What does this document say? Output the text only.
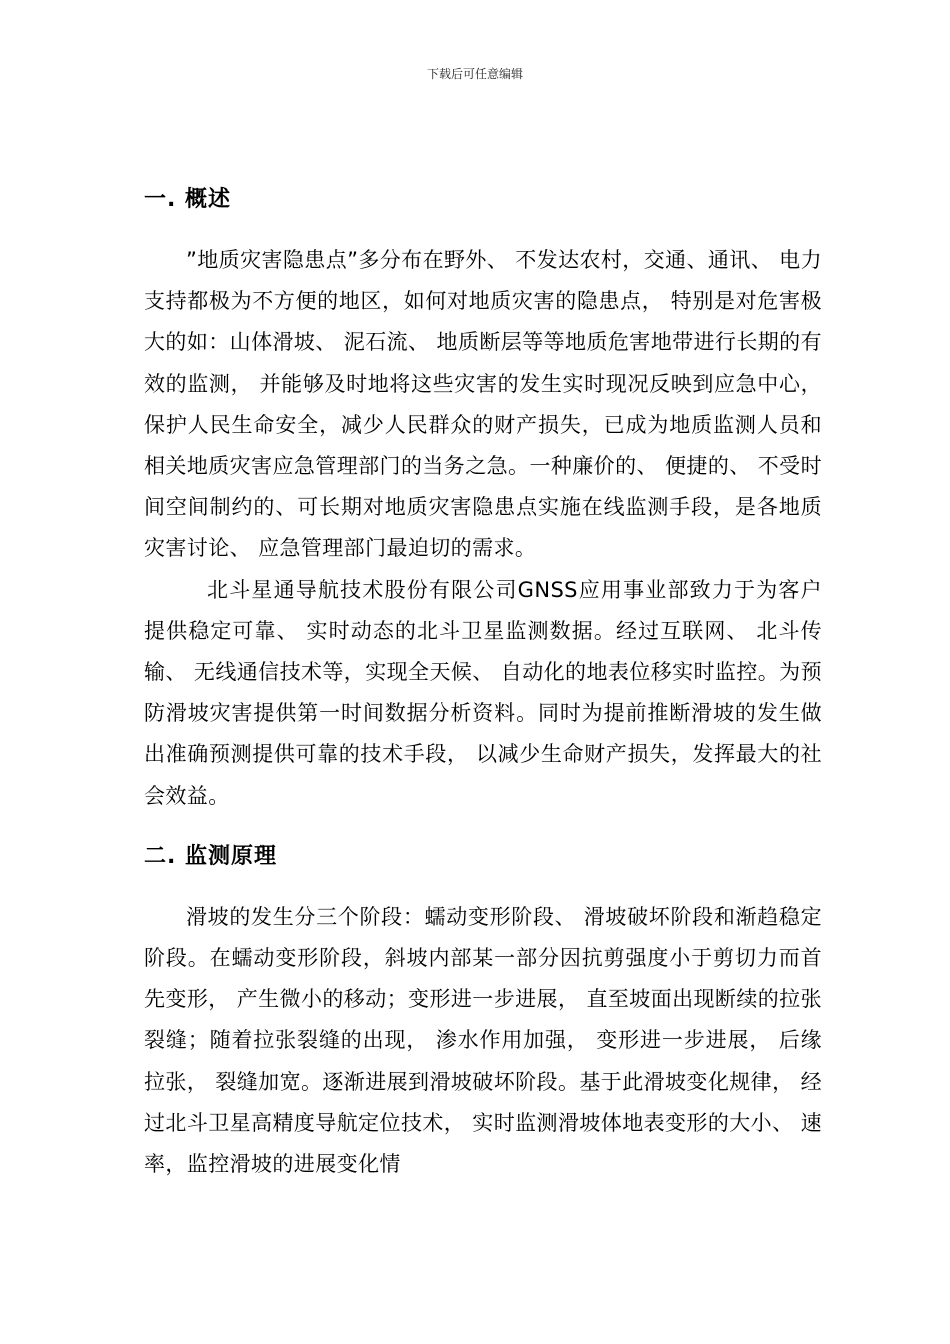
下载后可任意编辑
一. 概述

”地质灾害隐患点”多分布在野外、 不发达农村，交通、通讯、 电力支持都极为不方便的地区，如何对地质灾害的隐患点， 特别是对危害极大的如：山体滑坡、 泥石流、 地质断层等等地质危害地带进行长期的有效的监测， 并能够及时地将这些灾害的发生实时现况反映到应急中心，保护人民生命安全，减少人民群众的财产损失，已成为地质监测人员和相关地质灾害应急管理部门的当务之急。一种廉价的、 便捷的、 不受时间空间制约的、可长期对地质灾害隐患点实施在线监测手段，是各地质灾害讨论、 应急管理部门最迫切的需求。

北斗星通导航技术股份有限公司GNSS应用事业部致力于为客户提供稳定可靠、 实时动态的北斗卫星监测数据。经过互联网、 北斗传输、 无线通信技术等，实现全天候、 自动化的地表位移实时监控。为预防滑坡灾害提供第一时间数据分析资料。同时为提前推断滑坡的发生做出准确预测提供可靠的技术手段， 以减少生命财产损失，发挥最大的社会效益。

二. 监测原理

滑坡的发生分三个阶段：蠕动变形阶段、 滑坡破坏阶段和渐趋稳定阶段。在蠕动变形阶段，斜坡内部某一部分因抗剪强度小于剪切力而首先变形， 产生微小的移动；变形进一步进展， 直至坡面出现断续的拉张裂缝；随着拉张裂缝的出现， 渗水作用加强， 变形进一步进展， 后缘拉张， 裂缝加宽。逐渐进展到滑坡破坏阶段。基于此滑坡变化规律， 经过北斗卫星高精度导航定位技术， 实时监测滑坡体地表变形的大小、 速率，监控滑坡的进展变化情
